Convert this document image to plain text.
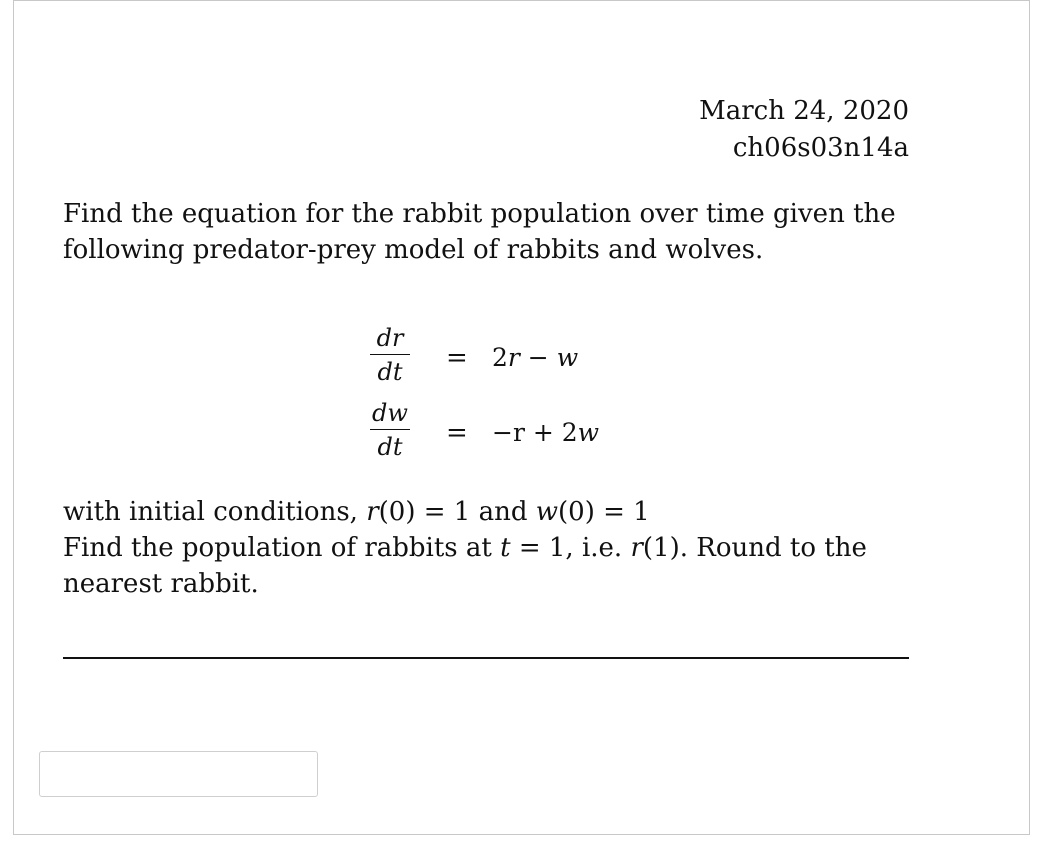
March 24, 2020
ch06s03n14a
Find the equation for the rabbit population over time given the
following predator-prey model of rabbits and wolves.
dr
dt = 2r − w
dw
dt = −r + 2w
with initial conditions, r(0) = 1 and w(0) = 1
Find the population of rabbits at t = 1, i.e. r(1). Round to the
nearest rabbit.
